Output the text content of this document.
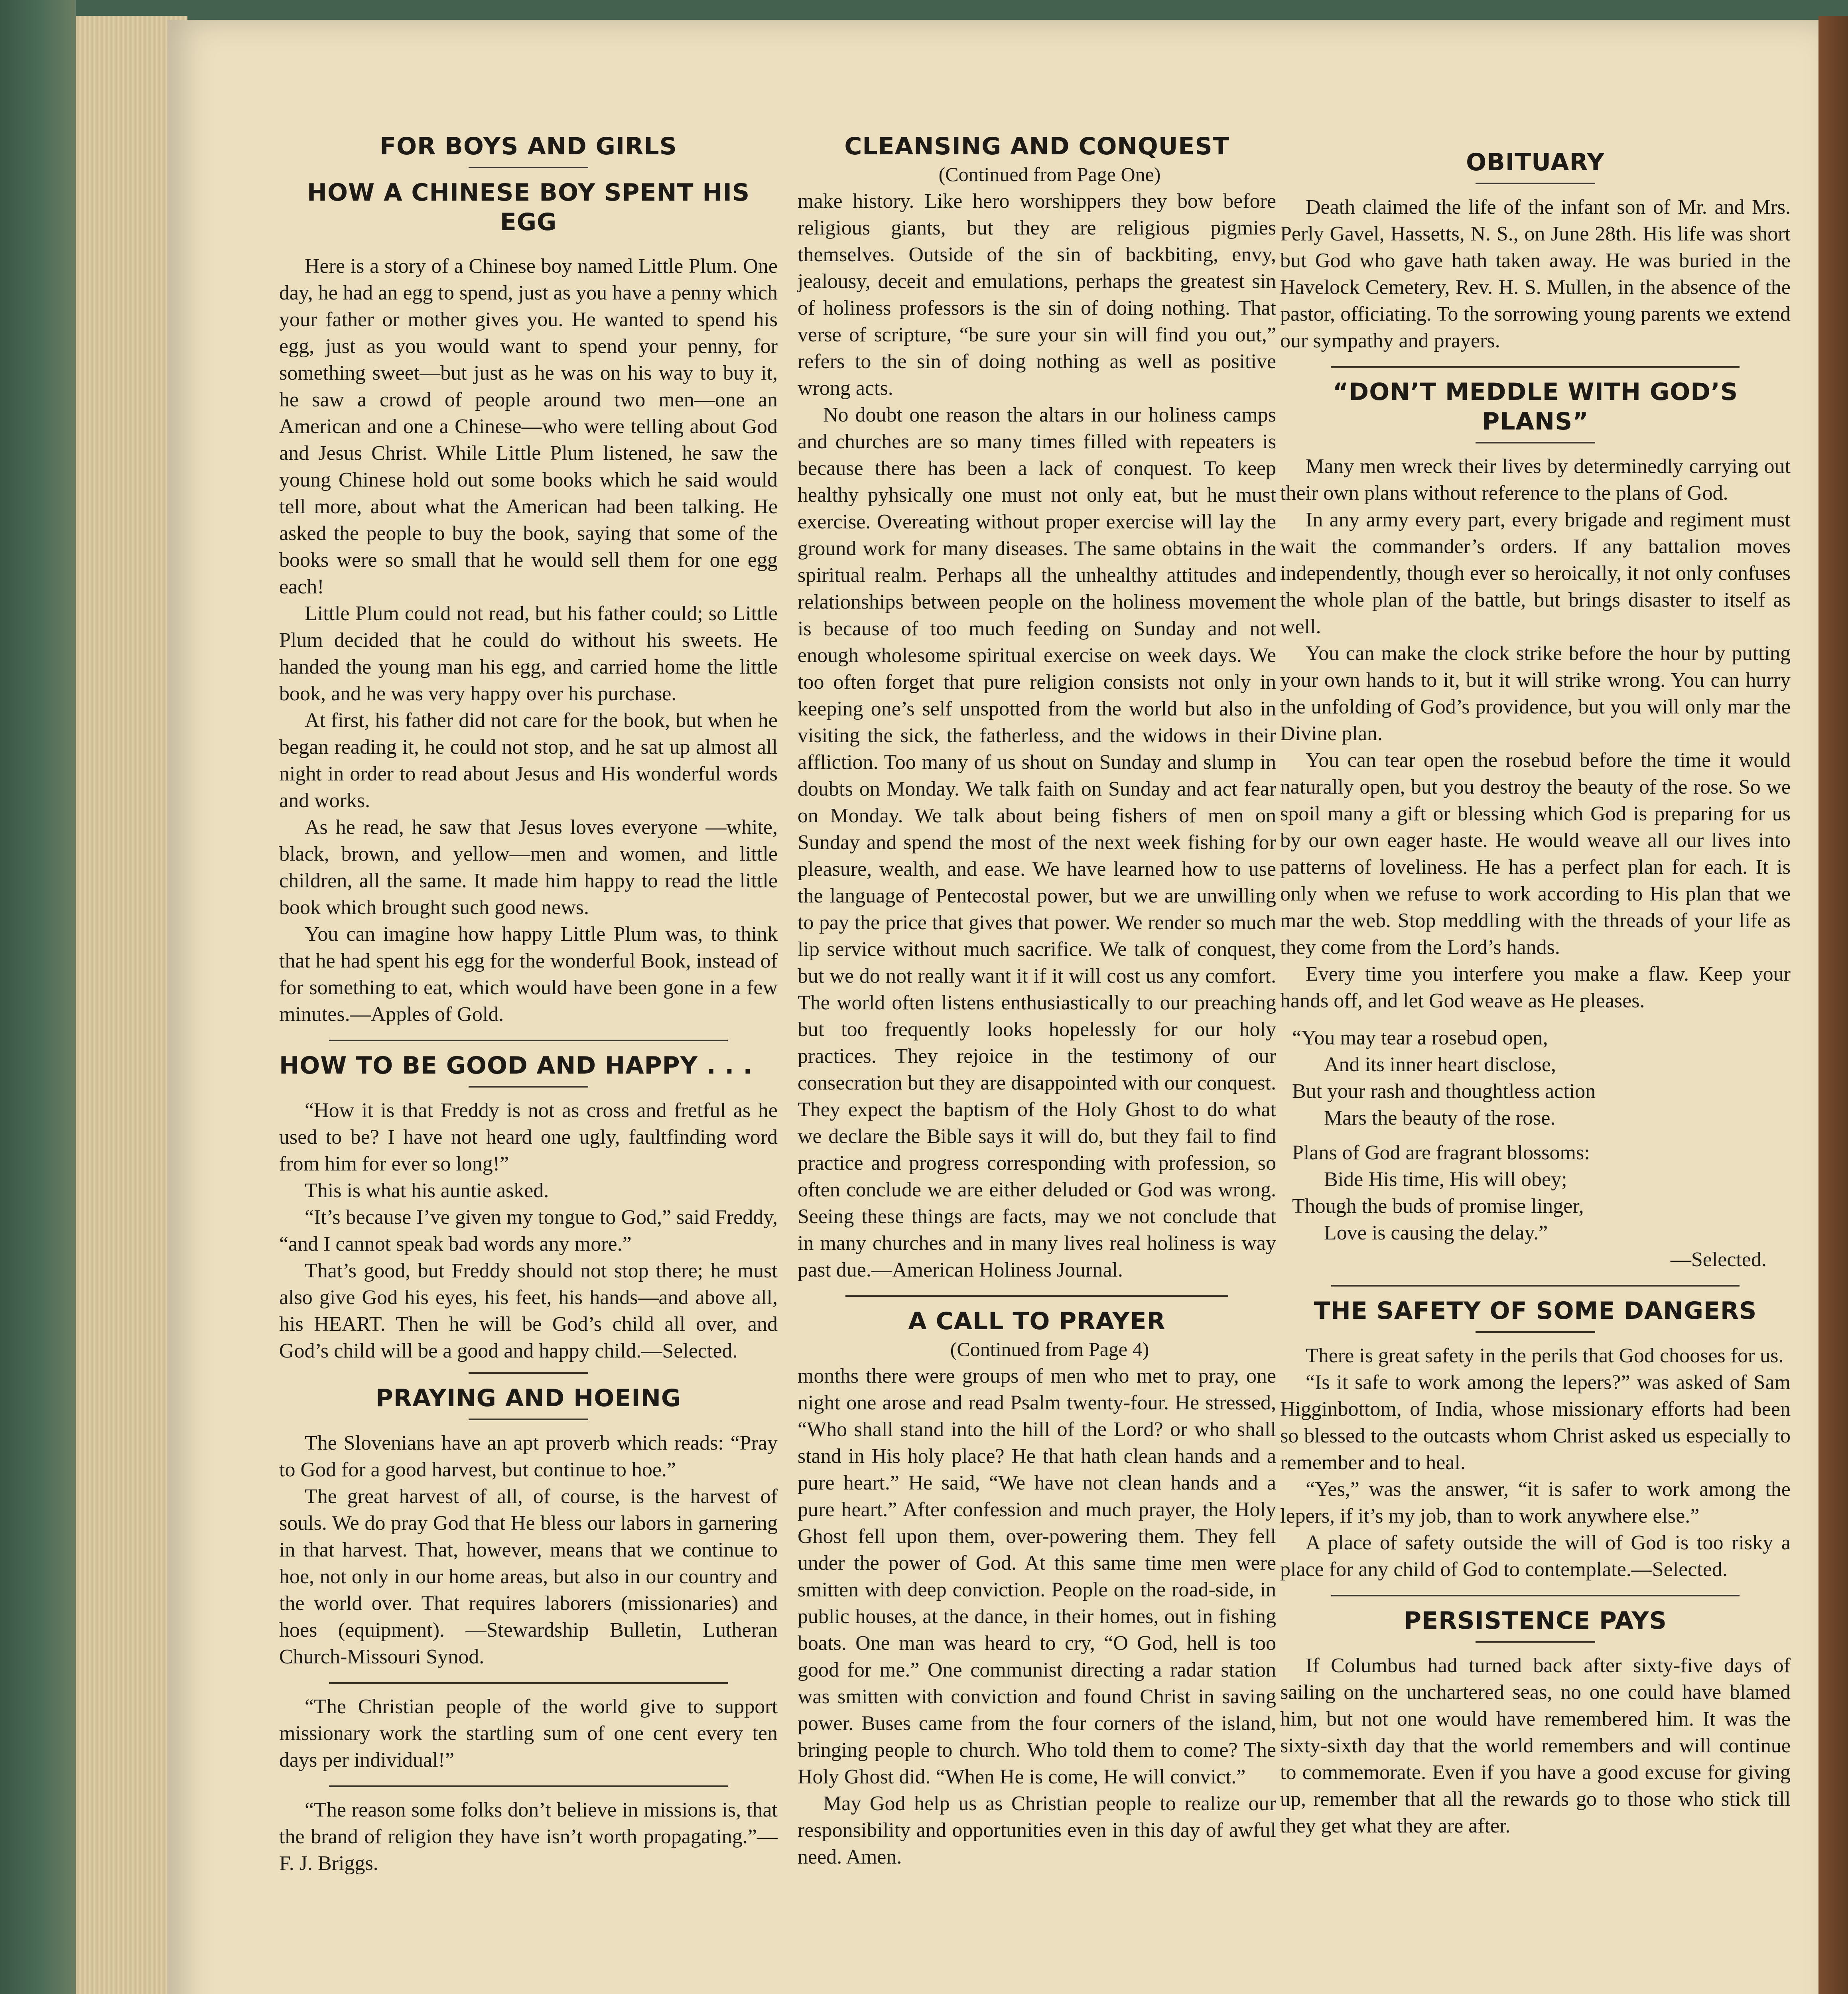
FOR BOYS AND GIRLS
HOW A CHINESE BOY SPENT HIS EGG

Here is a story of a Chinese boy named Little Plum. One day, he had an egg to spend, just as you have a penny which your father or mother gives you. He wanted to spend his egg, just as you would want to spend your penny, for something sweet—but just as he was on his way to buy it, he saw a crowd of people around two men—one an American and one a Chinese—who were telling about God and Jesus Christ. While Little Plum listened, he saw the young Chinese hold out some books which he said would tell more, about what the American had been talking. He asked the people to buy the book, saying that some of the books were so small that he would sell them for one egg each!

Little Plum could not read, but his father could; so Little Plum decided that he could do without his sweets. He handed the young man his egg, and carried home the little book, and he was very happy over his purchase.

At first, his father did not care for the book, but when he began reading it, he could not stop, and he sat up almost all night in order to read about Jesus and His wonderful words and works.

As he read, he saw that Jesus loves everyone —white, black, brown, and yellow—men and women, and little children, all the same. It made him happy to read the little book which brought such good news.

You can imagine how happy Little Plum was, to think that he had spent his egg for the wonderful Book, instead of for something to eat, which would have been gone in a few minutes.—Apples of Gold.

HOW TO BE GOOD AND HAPPY . . .

“How it is that Freddy is not as cross and fretful as he used to be? I have not heard one ugly, faultfinding word from him for ever so long!”

This is what his auntie asked.

“It’s because I’ve given my tongue to God,” said Freddy, “and I cannot speak bad words any more.”

That’s good, but Freddy should not stop there; he must also give God his eyes, his feet, his hands—and above all, his HEART. Then he will be God’s child all over, and God’s child will be a good and happy child.—Selected.

PRAYING AND HOEING

The Slovenians have an apt proverb which reads: “Pray to God for a good harvest, but continue to hoe.”

The great harvest of all, of course, is the harvest of souls. We do pray God that He bless our labors in garnering in that harvest. That, however, means that we continue to hoe, not only in our home areas, but also in our country and the world over. That requires laborers (missionaries) and hoes (equipment). —Stewardship Bulletin, Lutheran Church-Missouri Synod.

“The Christian people of the world give to support missionary work the startling sum of one cent every ten days per individual!”

“The reason some folks don’t believe in missions is, that the brand of religion they have isn’t worth propagating.”—F. J. Briggs.

CLEANSING AND CONQUEST

(Continued from Page One)

make history. Like hero worshippers they bow before religious giants, but they are religious pigmies themselves. Outside of the sin of backbiting, envy, jealousy, deceit and emulations, perhaps the greatest sin of holiness professors is the sin of doing nothing. That verse of scripture, “be sure your sin will find you out,” refers to the sin of doing nothing as well as positive wrong acts.

No doubt one reason the altars in our holiness camps and churches are so many times filled with repeaters is because there has been a lack of conquest. To keep healthy pyhsically one must not only eat, but he must exercise. Overeating without proper exercise will lay the ground work for many diseases. The same obtains in the spiritual realm. Perhaps all the unhealthy attitudes and relationships between people on the holiness movement is because of too much feeding on Sunday and not enough wholesome spiritual exercise on week days. We too often forget that pure religion consists not only in keeping one’s self unspotted from the world but also in visiting the sick, the fatherless, and the widows in their affliction. Too many of us shout on Sunday and slump in doubts on Monday. We talk faith on Sunday and act fear on Monday. We talk about being fishers of men on Sunday and spend the most of the next week fishing for pleasure, wealth, and ease. We have learned how to use the language of Pentecostal power, but we are unwilling to pay the price that gives that power. We render so much lip service without much sacrifice. We talk of conquest, but we do not really want it if it will cost us any comfort. The world often listens enthusiastically to our preaching but too frequently looks hopelessly for our holy practices. They rejoice in the testimony of our consecration but they are disappointed with our conquest. They expect the baptism of the Holy Ghost to do what we declare the Bible says it will do, but they fail to find practice and progress corresponding with profession, so often conclude we are either deluded or God was wrong. Seeing these things are facts, may we not conclude that in many churches and in many lives real holiness is way past due.—American Holiness Journal.

A CALL TO PRAYER

(Continued from Page 4)

months there were groups of men who met to pray, one night one arose and read Psalm twenty-four. He stressed, “Who shall stand into the hill of the Lord? or who shall stand in His holy place? He that hath clean hands and a pure heart.” He said, “We have not clean hands and a pure heart.” After confession and much prayer, the Holy Ghost fell upon them, over-powering them. They fell under the power of God. At this same time men were smitten with deep conviction. People on the road-side, in public houses, at the dance, in their homes, out in fishing boats. One man was heard to cry, “O God, hell is too good for me.” One communist directing a radar station was smitten with conviction and found Christ in saving power. Buses came from the four corners of the island, bringing people to church. Who told them to come? The Holy Ghost did. “When He is come, He will convict.”

May God help us as Christian people to realize our responsibility and opportunities even in this day of awful need. Amen.

OBITUARY

Death claimed the life of the infant son of Mr. and Mrs. Perly Gavel, Hassetts, N. S., on June 28th. His life was short but God who gave hath taken away. He was buried in the Havelock Cemetery, Rev. H. S. Mullen, in the absence of the pastor, officiating. To the sorrowing young parents we extend our sympathy and prayers.

“DON’T MEDDLE WITH GOD’S PLANS”

Many men wreck their lives by determinedly carrying out their own plans without reference to the plans of God.

In any army every part, every brigade and regiment must wait the commander’s orders. If any battalion moves independently, though ever so heroically, it not only confuses the whole plan of the battle, but brings disaster to itself as well.

You can make the clock strike before the hour by putting your own hands to it, but it will strike wrong. You can hurry the unfolding of God’s providence, but you will only mar the Divine plan.

You can tear open the rosebud before the time it would naturally open, but you destroy the beauty of the rose. So we spoil many a gift or blessing which God is preparing for us by our own eager haste. He would weave all our lives into patterns of loveliness. He has a perfect plan for each. It is only when we refuse to work according to His plan that we mar the web. Stop meddling with the threads of your life as they come from the Lord’s hands.

Every time you interfere you make a flaw. Keep your hands off, and let God weave as He pleases.

“You may tear a rosebud open,
And its inner heart disclose,
But your rash and thoughtless action
Mars the beauty of the rose.
Plans of God are fragrant blossoms:
Bide His time, His will obey;
Though the buds of promise linger,
Love is causing the delay.”
—Selected.
THE SAFETY OF SOME DANGERS

There is great safety in the perils that God chooses for us.

“Is it safe to work among the lepers?” was asked of Sam Higginbottom, of India, whose missionary efforts had been so blessed to the outcasts whom Christ asked us especially to remember and to heal.

“Yes,” was the answer, “it is safer to work among the lepers, if it’s my job, than to work anywhere else.”

A place of safety outside the will of God is too risky a place for any child of God to contemplate.—Selected.

PERSISTENCE PAYS

If Columbus had turned back after sixty-five days of sailing on the unchartered seas, no one could have blamed him, but not one would have remembered him. It was the sixty-sixth day that the world remembers and will continue to commemorate. Even if you have a good excuse for giving up, remember that all the rewards go to those who stick till they get what they are after.
